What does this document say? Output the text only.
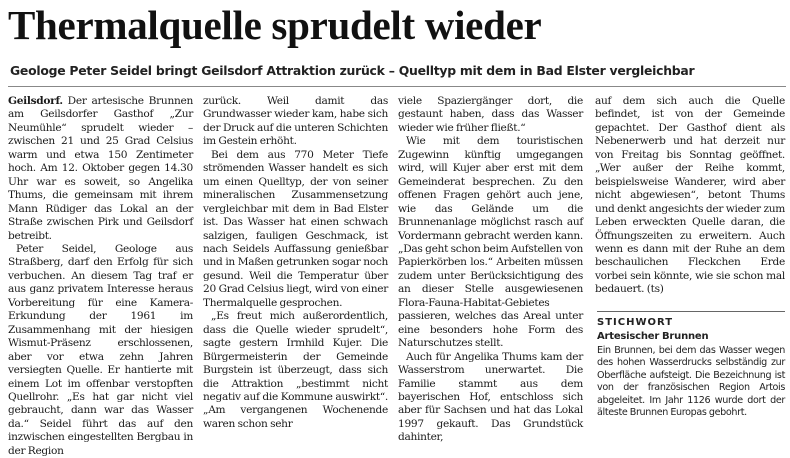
Thermalquelle sprudelt wieder
Geologe Peter Seidel bringt Geilsdorf Attraktion zurück – Quelltyp mit dem in Bad Elster vergleichbar

Geilsdorf. Der artesische Brunnen am Geilsdorfer Gasthof „Zur Neumühle“ sprudelt wieder – zwischen 21 und 25 Grad Celsius warm und etwa 150 Zentimeter hoch. Am 12. Oktober gegen 14.30 Uhr war es soweit, so Angelika Thums, die gemeinsam mit ihrem Mann Rüdiger das Lokal an der Straße zwischen Pirk und Geilsdorf betreibt.

Peter Seidel, Geologe aus Straßberg, darf den Erfolg für sich verbuchen. An diesem Tag traf er aus ganz privatem Interesse heraus Vorbereitung für eine Kamera-Erkundung der 1961 im Zusammenhang mit der hiesigen Wismut-Präsenz erschlossenen, aber vor etwa zehn Jahren versiegten Quelle. Er hantierte mit einem Lot im offenbar verstopften Quellrohr. „Es hat gar nicht viel gebraucht, dann war das Wasser da.“ Seidel führt das auf den inzwischen eingestellten Bergbau in der Region

zurück. Weil damit das Grundwasser wieder kam, habe sich der Druck auf die unteren Schichten im Gestein erhöht.

Bei dem aus 770 Meter Tiefe strömenden Wasser handelt es sich um einen Quelltyp, der von seiner mineralischen Zusammensetzung vergleichbar mit dem in Bad Elster ist. Das Wasser hat einen schwach salzigen, fauligen Geschmack, ist nach Seidels Auffassung genießbar und in Maßen getrunken sogar noch gesund. Weil die Temperatur über 20 Grad Celsius liegt, wird von einer Thermalquelle gesprochen.

„Es freut mich außerordentlich, dass die Quelle wieder sprudelt“, sagte gestern Irmhild Kujer. Die Bürgermeisterin der Gemeinde Burgstein ist überzeugt, dass sich die Attraktion „bestimmt nicht negativ auf die Kommune auswirkt“. „Am vergangenen Wochenende waren schon sehr

viele Spaziergänger dort, die gestaunt haben, dass das Wasser wieder wie früher fließt.“

Wie mit dem touristischen Zugewinn künftig umgegangen wird, will Kujer aber erst mit dem Gemeinderat besprechen. Zu den offenen Fragen gehört auch jene, wie das Gelände um die Brunnenanlage möglichst rasch auf Vordermann gebracht werden kann. „Das geht schon beim Aufstellen von Papierkörben los.“ Arbeiten müssen zudem unter Berücksichtigung des an dieser Stelle ausgewiesenen Flora-Fauna-Habitat-Gebietes passieren, welches das Areal unter eine besonders hohe Form des Naturschutzes stellt.

Auch für Angelika Thums kam der Wasserstrom unerwartet. Die Familie stammt aus dem bayerischen Hof, entschloss sich aber für Sachsen und hat das Lokal 1997 gekauft. Das Grundstück dahinter,

auf dem sich auch die Quelle befindet, ist von der Gemeinde gepachtet. Der Gasthof dient als Nebenerwerb und hat derzeit nur von Freitag bis Sonntag geöffnet. „Wer außer der Reihe kommt, beispielsweise Wanderer, wird aber nicht abgewiesen“, betont Thums und denkt angesichts der wieder zum Leben erweckten Quelle daran, die Öffnungszeiten zu erweitern. Auch wenn es dann mit der Ruhe an dem beschaulichen Fleckchen Erde vorbei sein könnte, wie sie schon mal bedauert. (ts)

STICHWORT
Artesischer Brunnen
Ein Brunnen, bei dem das Wasser wegen des hohen Wasserdrucks selbständig zur Oberfläche aufsteigt. Die Bezeichnung ist von der französischen Region Artois abgeleitet. Im Jahr 1126 wurde dort der älteste Brunnen Europas gebohrt.
